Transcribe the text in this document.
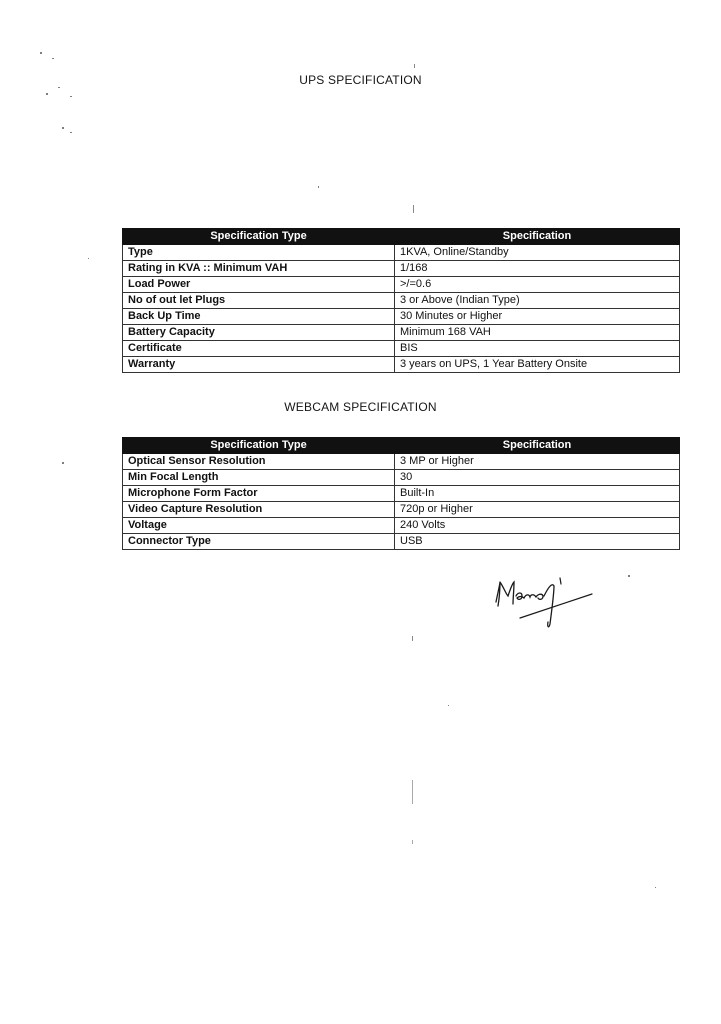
UPS SPECIFICATION
Specification Type	Specification
Type	1KVA, Online/Standby
Rating in KVA :: Minimum VAH	1/168
Load Power	>/=0.6
No of out let Plugs	3 or Above (Indian Type)
Back Up Time	30 Minutes or Higher
Battery Capacity	Minimum 168 VAH
Certificate	BIS
Warranty	3 years on UPS, 1 Year Battery Onsite
WEBCAM SPECIFICATION
Specification Type	Specification
Optical Sensor Resolution	3 MP or Higher
Min Focal Length	30
Microphone Form Factor	Built-In
Video Capture Resolution	720p or Higher
Voltage	240 Volts
Connector Type	USB
